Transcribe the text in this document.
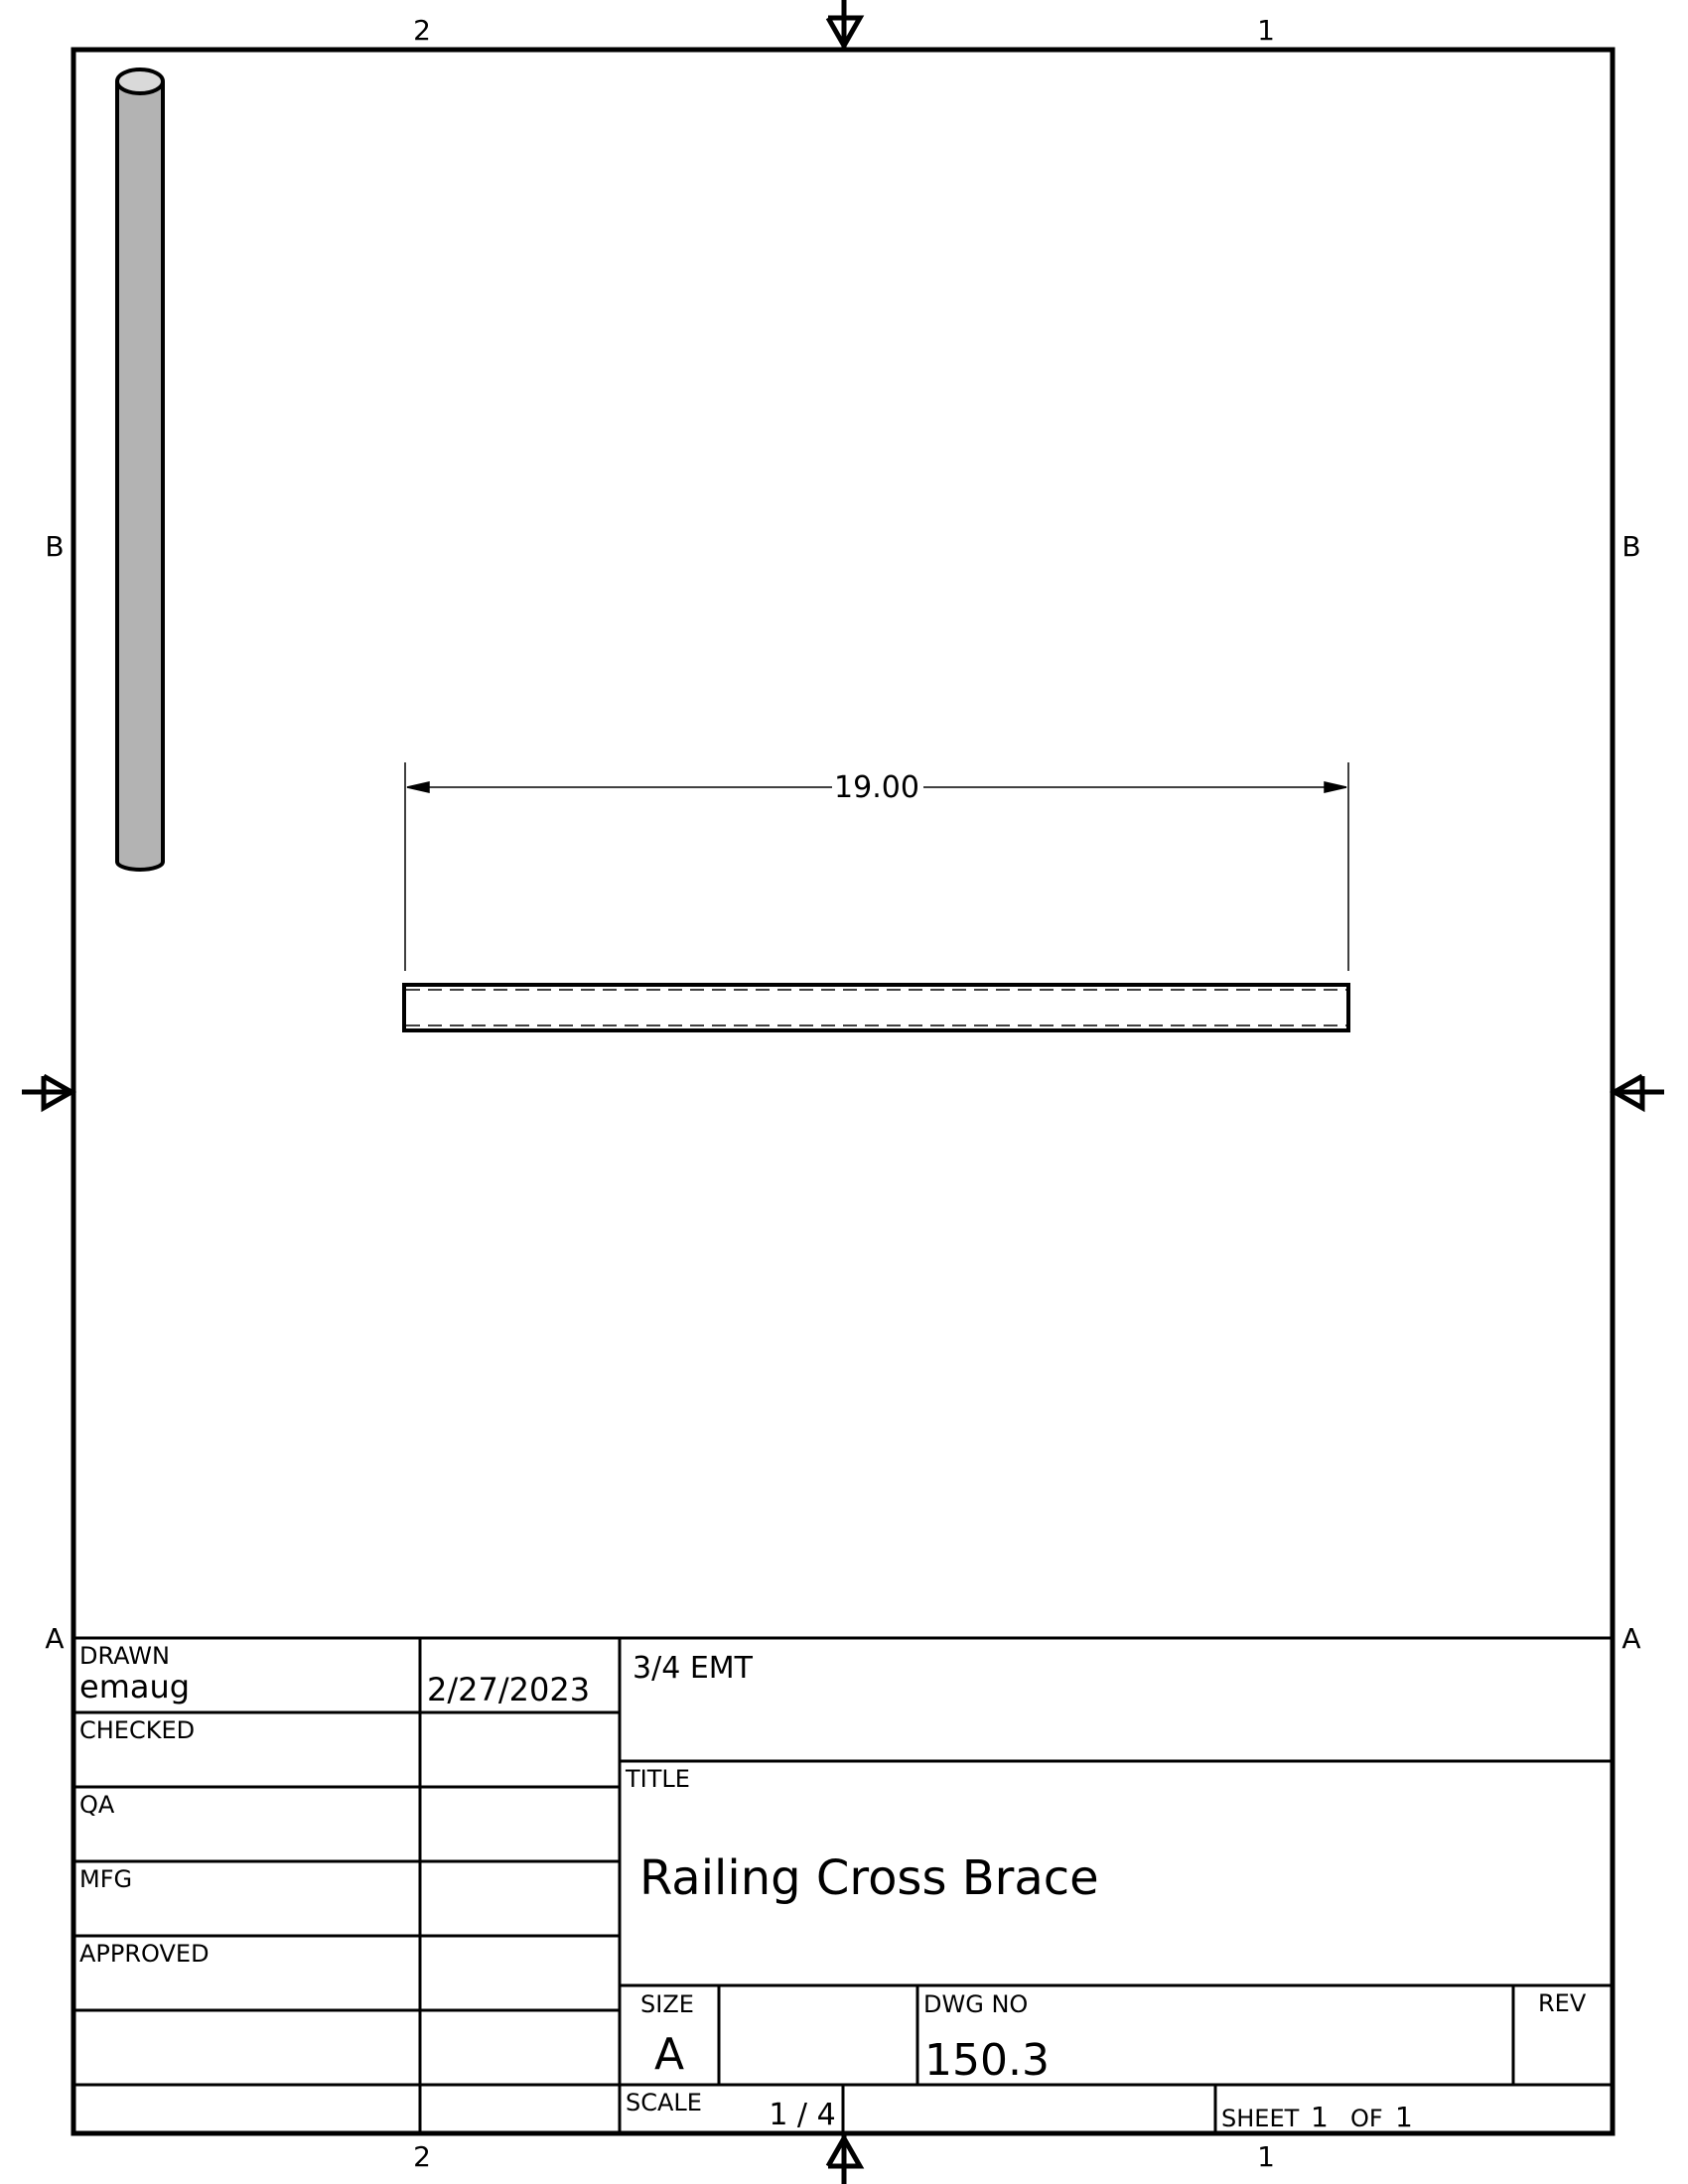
2	1
2	1
B
A
B
A
19.00
DRAWN
emaug	2/27/2023
CHECKED
QA
MFG
APPROVED
3/4 EMT
TITLE
Railing Cross Brace
SIZE
A
DWG NO
150.3
REV
SCALE 1 / 4	SHEET 1 OF 1
